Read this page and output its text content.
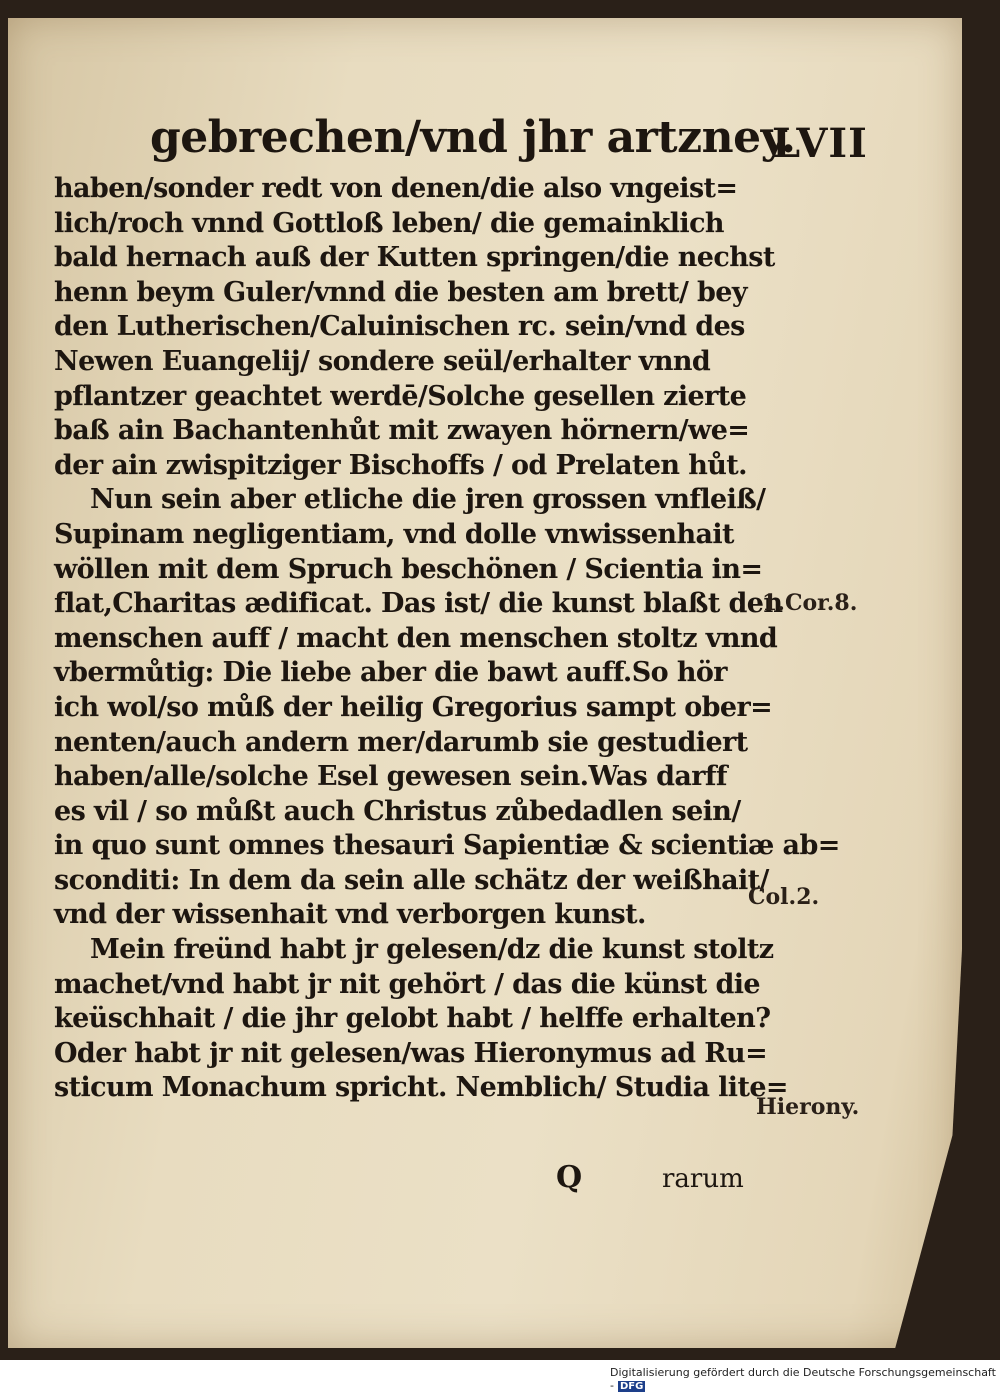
gebrechen/vnd jhr artzney.
LVII
haben/sonder redt von denen/die also vngeist=
lich/roch vnnd Gottloß leben/ die gemainklich
bald hernach auß der Kutten springen/die nechst
henn beym Guler/vnnd die besten am brett/ bey
den Lutherischen/Caluinischen rc. sein/vnd des
Newen Euangelij/ sondere seül/erhalter vnnd
pflantzer geachtet werdē/Solche gesellen zierte
baß ain Bachantenhůt mit zwayen hörnern/we=
der ain zwispitziger Bischoffs / od Prelaten hůt.
Nun sein aber etliche die jren grossen vnfleiß/
Supinam negligentiam, vnd dolle vnwissenhait
wöllen mit dem Spruch beschönen / Scientia in=
flat,Charitas ædificat. Das ist/ die kunst blaßt den
menschen auff / macht den menschen stoltz vnnd
vbermůtig: Die liebe aber die bawt auff.So hör
ich wol/so můß der heilig Gregorius sampt ober=
nenten/auch andern mer/darumb sie gestudiert
haben/alle/solche Esel gewesen sein.Was darff
es vil / so můßt auch Christus zůbedadlen sein/
in quo sunt omnes thesauri Sapientiæ & scientiæ ab=
sconditi: In dem da sein alle schätz der weißhait/
vnd der wissenhait vnd verborgen kunst.
Mein freünd habt jr gelesen/dz die kunst stoltz
machet/vnd habt jr nit gehört / das die künst die
keüschhait / die jhr gelobt habt / helffe erhalten?
Oder habt jr nit gelesen/was Hieronymus ad Ru=
sticum Monachum spricht. Nemblich/ Studia lite=
1.Cor.8.
Col.2.
Hierony.
Q	rarum
Digitalisierung gefördert durch die Deutsche Forschungsgemeinschaft - DFG
